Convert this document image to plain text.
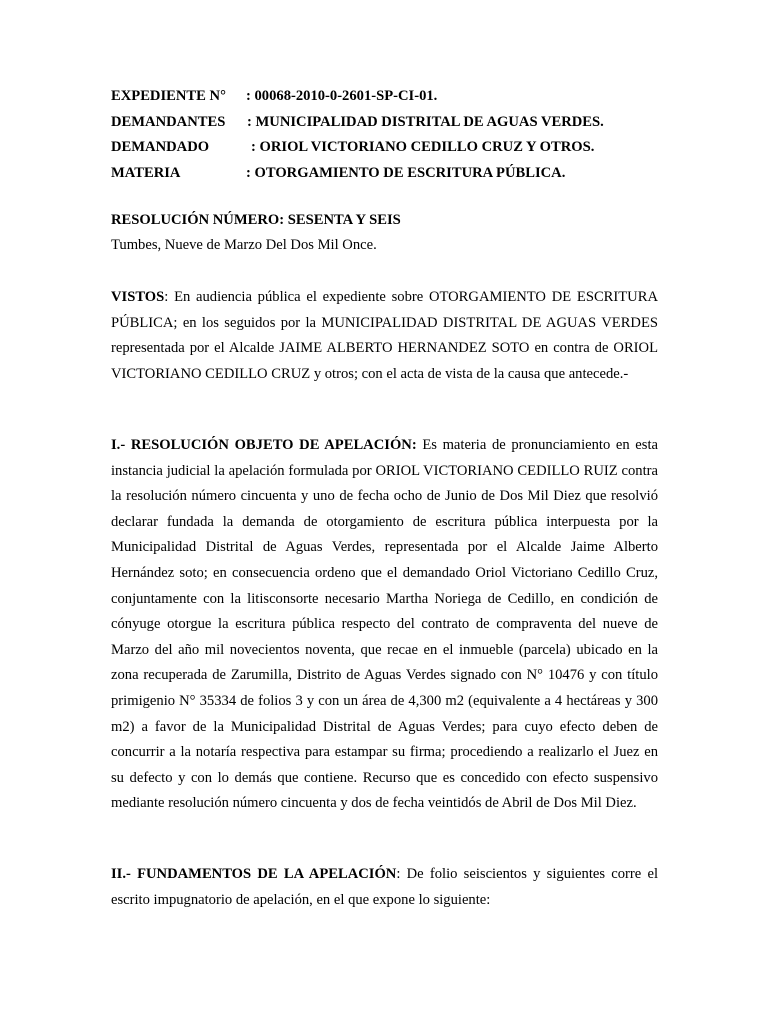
EXPEDIENTE N°	: 00068-2010-0-2601-SP-CI-01.
DEMANDANTES	: MUNICIPALIDAD DISTRITAL DE AGUAS VERDES.
DEMANDADO	: ORIOL VICTORIANO CEDILLO CRUZ Y OTROS.
MATERIA	: OTORGAMIENTO DE ESCRITURA PÚBLICA.
RESOLUCIÓN NÚMERO: SESENTA Y SEIS
Tumbes, Nueve de Marzo Del Dos Mil Once.

VISTOS: En audiencia pública el expediente sobre OTORGAMIENTO DE ESCRITURA PÚBLICA; en los seguidos por la MUNICIPALIDAD DISTRITAL DE AGUAS VERDES representada por el Alcalde JAIME ALBERTO HERNANDEZ SOTO en contra de ORIOL VICTORIANO CEDILLO CRUZ y otros; con el acta de vista de la causa que antecede.-

I.- RESOLUCIÓN OBJETO DE APELACIÓN: Es materia de pronunciamiento en esta instancia judicial la apelación formulada por ORIOL VICTORIANO CEDILLO RUIZ contra la resolución número cincuenta y uno de fecha ocho de Junio de Dos Mil Diez que resolvió declarar fundada la demanda de otorgamiento de escritura pública interpuesta por la Municipalidad Distrital de Aguas Verdes, representada por el Alcalde Jaime Alberto Hernández soto; en consecuencia ordeno que el demandado Oriol Victoriano Cedillo Cruz, conjuntamente con la litisconsorte necesario Martha Noriega de Cedillo, en condición de cónyuge otorgue la escritura pública respecto del contrato de compraventa del nueve de Marzo del año mil novecientos noventa, que recae en el inmueble (parcela) ubicado en la zona recuperada de Zarumilla, Distrito de Aguas Verdes signado con N° 10476 y con título primigenio N° 35334 de folios 3 y con un área de 4,300 m2 (equivalente a 4 hectáreas y 300 m2) a favor de la Municipalidad Distrital de Aguas Verdes; para cuyo efecto deben de concurrir a la notaría respectiva para estampar su firma; procediendo a realizarlo el Juez en su defecto y con lo demás que contiene. Recurso que es concedido con efecto suspensivo mediante resolución número cincuenta y dos de fecha veintidós de Abril de Dos Mil Diez.

II.- FUNDAMENTOS DE LA APELACIÓN: De folio seiscientos y siguientes corre el escrito impugnatorio de apelación, en el que expone lo siguiente:
